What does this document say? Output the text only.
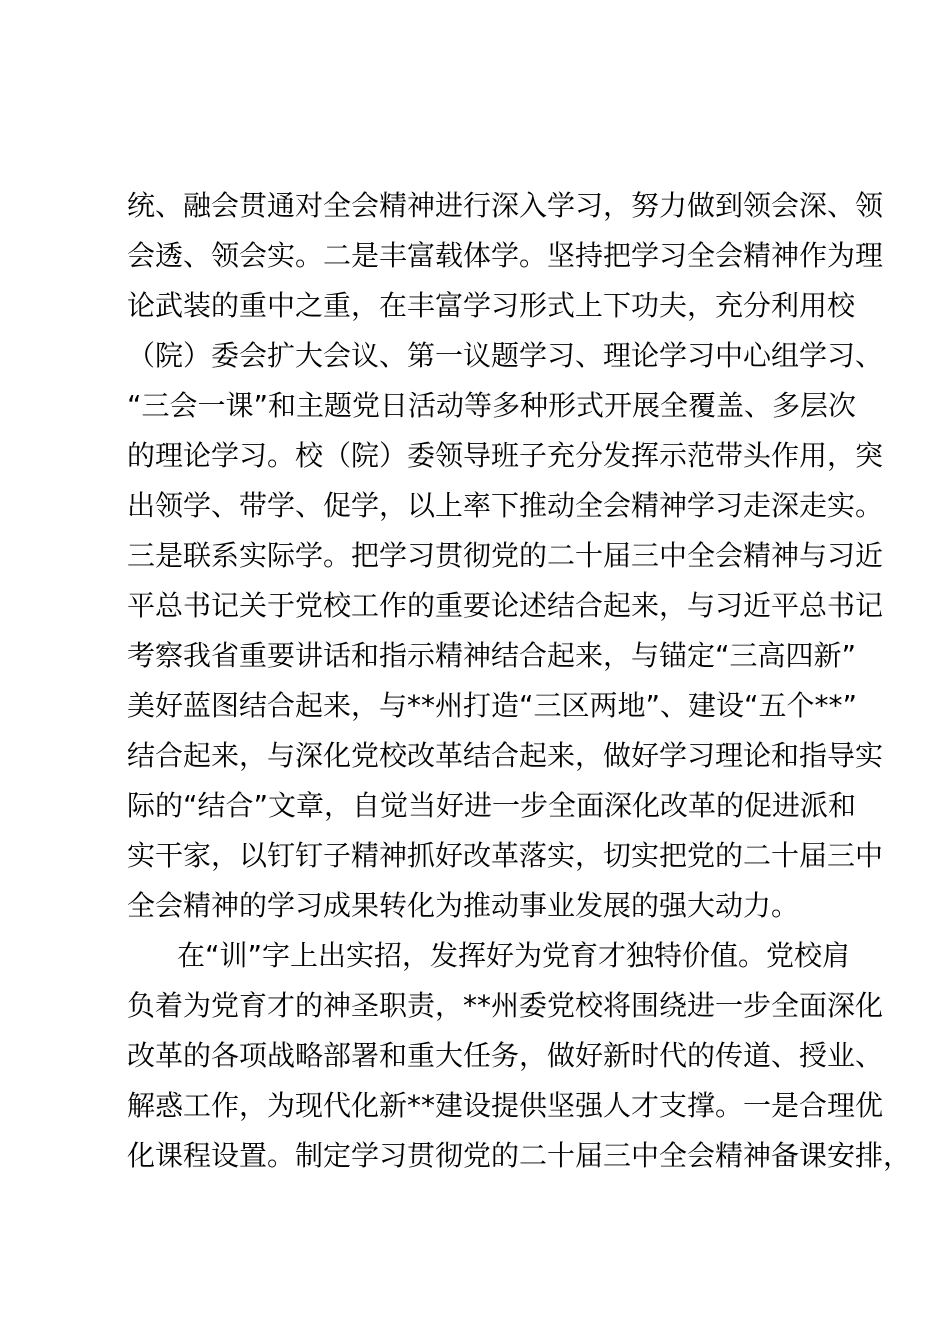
统、融会贯通对全会精神进行深入学习，努力做到领会深、领
会透、领会实。二是丰富载体学。坚持把学习全会精神作为理
论武装的重中之重，在丰富学习形式上下功夫，充分利用校
（院）委会扩大会议、第一议题学习、理论学习中心组学习、
“三会一课”和主题党日活动等多种形式开展全覆盖、多层次
的理论学习。校（院）委领导班子充分发挥示范带头作用，突
出领学、带学、促学，以上率下推动全会精神学习走深走实。
三是联系实际学。把学习贯彻党的二十届三中全会精神与习近
平总书记关于党校工作的重要论述结合起来，与习近平总书记
考察我省重要讲话和指示精神结合起来，与锚定“三高四新”
美好蓝图结合起来，与**州打造“三区两地”、建设“五个**”
结合起来，与深化党校改革结合起来，做好学习理论和指导实
际的“结合”文章，自觉当好进一步全面深化改革的促进派和
实干家，以钉钉子精神抓好改革落实，切实把党的二十届三中
全会精神的学习成果转化为推动事业发展的强大动力。
在“训”字上出实招，发挥好为党育才独特价值。党校肩
负着为党育才的神圣职责，**州委党校将围绕进一步全面深化
改革的各项战略部署和重大任务，做好新时代的传道、授业、
解惑工作，为现代化新**建设提供坚强人才支撑。一是合理优
化课程设置。制定学习贯彻党的二十届三中全会精神备课安排，
